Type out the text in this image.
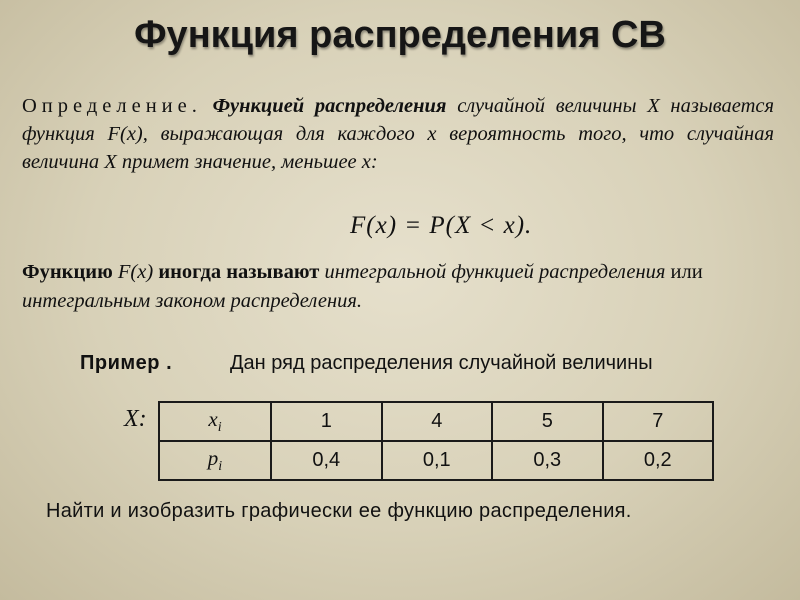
Функция распределения СВ
Определение. Функцией распределения случайной величины X называется функция F(x), выражающая для каждого x вероятность того, что случайная величина X примет значение, меньшее x:
F(x) = P(X < x).
Функцию F(x) иногда называют интегральной функцией распределения или интегральным законом распределения.
Пример .	Дан ряд распределения случайной величины
X:	$x_i$	1	4	5	7
$p_i$	0,4	0,1	0,3	0,2
Найти и изобразить графически ее функцию распределения.
